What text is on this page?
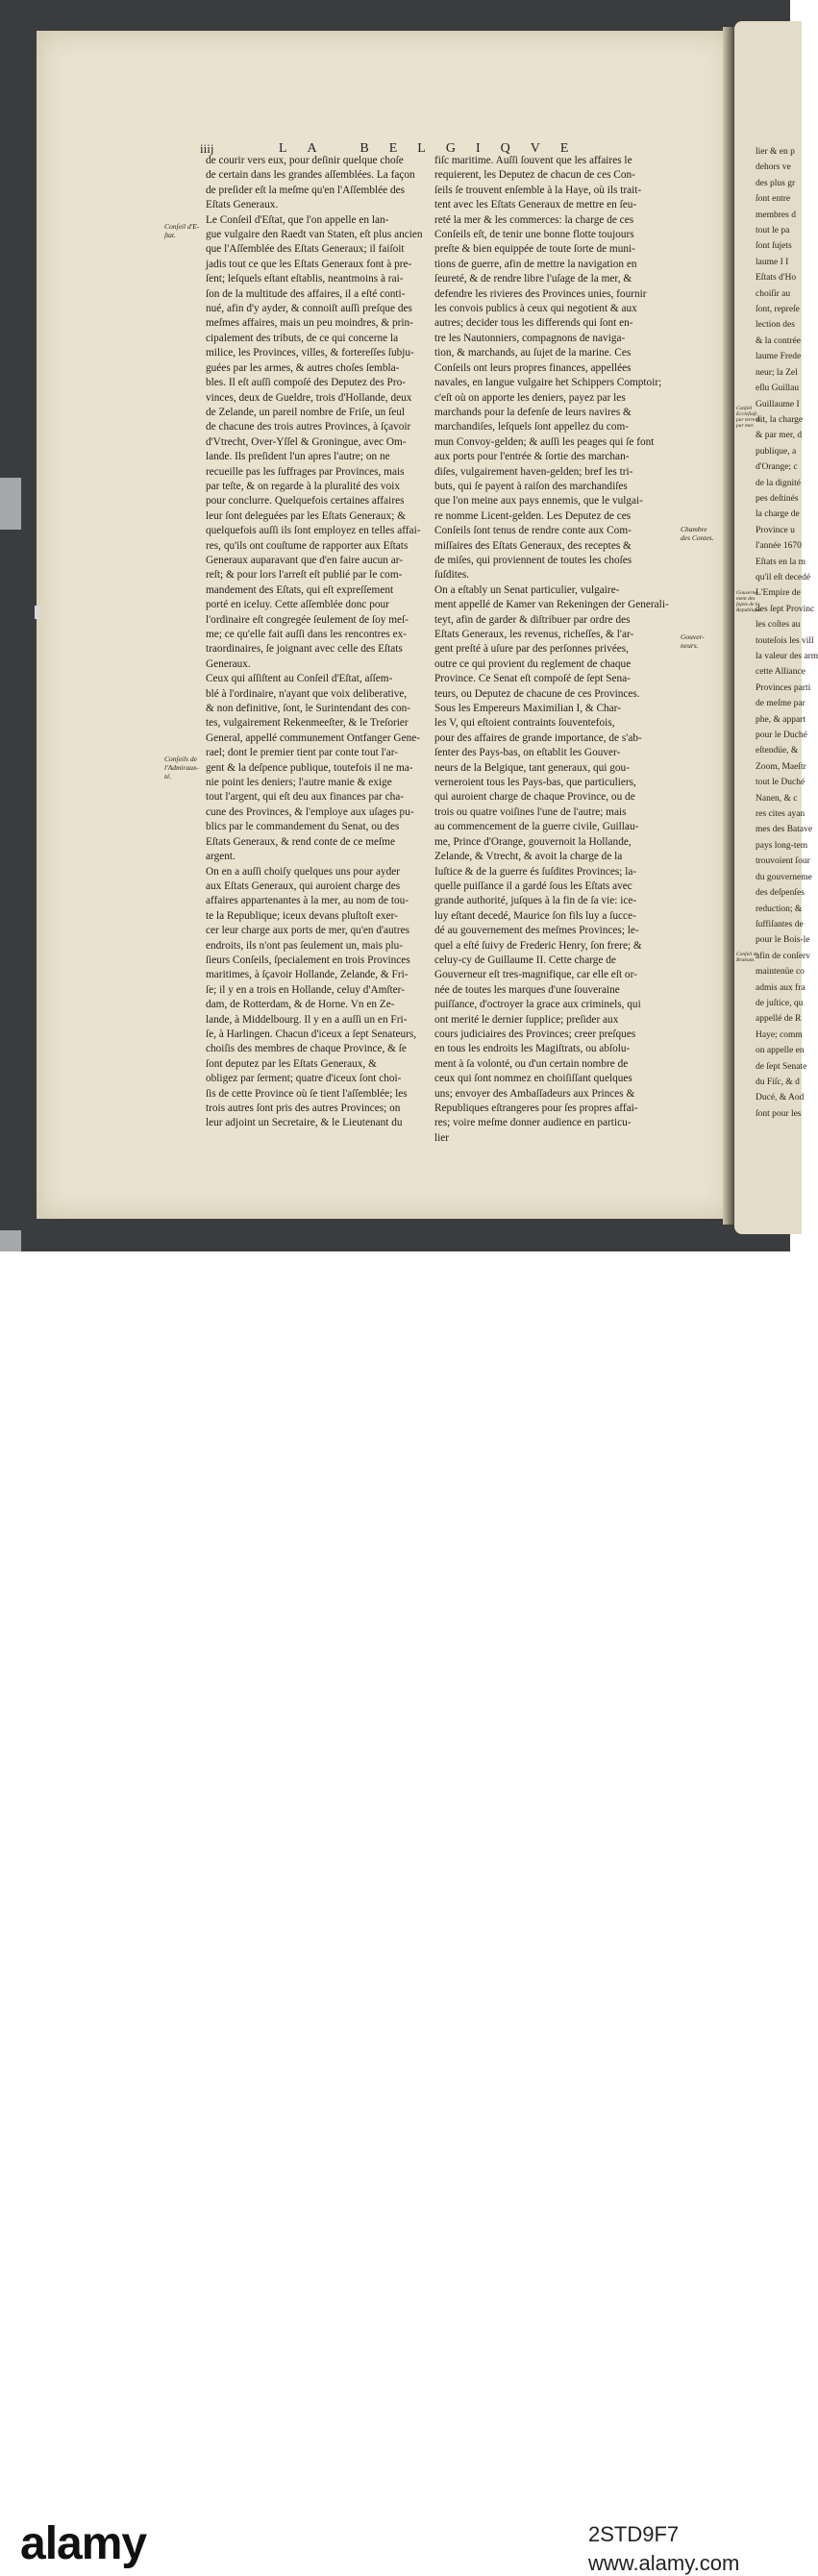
lier & en p

dehors ve

des plus gr

ſont entre

membres d

tout le pa

ſont ſujets

laume I I

Eſtats d'Ho

choiſir au

ſont, repreſe

lection des

& la contrée

laume Frede

neur; la Zel

eſlu Guillau

Guillaume I

dit, la charge

& par mer, d

publique, a

d'Orange; c

de la dignité

pes deſtinés

la charge de

Province u

l'année 1670

Eſtats en la m

qu'il eſt decedé

L'Empire de

des ſept Provinc

les coſtes au

touteſois les vill

la valeur des arm

cette Alliance

Provinces parti

de meſme par

phe, & appart

pour le Duché

eſtendüe, &

Zoom, Maeſtr

tout le Duché

Nanen, & c

res cites ayan

mes des Batave

pays long-tem

trouvoient ſour

du gouverneme

des deſpenſes

reduction; &

ſuffiſantes de

pour le Bois-le

afin de conſerv

maintenüe co

admis aux fra

de juſtice, qu

appellé de R

Haye; comm

on appelle en

de ſept Senate

du Fiſc, & d

Ducé, & Aod

ſont pour les

Conſeil

Eccleſiaſt.

par terre &

par mer.

Gouverne-

ment des

ſujets de la

Republique.

Conſeil de

Brabant.

iiij	LA BELGIQVE

de courir vers eux, pour deſinir quelque choſe

de certain dans les grandes aſſemblées. La façon

de preſider eſt la meſme qu'en l'Aſſemblée des

Eſtats Generaux.

Le Conſeil d'Eſtat, que l'on appelle en lan-

gue vulgaire den Raedt van Staten, eſt plus ancien

que l'Aſſemblée des Eſtats Generaux; il faiſoit

jadis tout ce que les Eſtats Generaux font à pre-

ſent; leſquels eſtant eſtablis, neantmoins à rai-

ſon de la multitude des affaires, il a eſté conti-

nué, afin d'y ayder, & connoiſt auſſi preſque des

meſmes affaires, mais un peu moindres, & prin-

cipalement des tributs, de ce qui concerne la

milice, les Provinces, villes, & fortereſſes ſubju-

guées par les armes, & autres choſes ſembla-

bles. Il eſt auſſi compoſé des Deputez des Pro-

vinces, deux de Gueldre, trois d'Hollande, deux

de Zelande, un pareil nombre de Friſe, un ſeul

de chacune des trois autres Provinces, à ſçavoir

d'Vtrecht, Over-Yſſel & Groningue, avec Om-

lande. Ils preſident l'un apres l'autre; on ne

recueille pas les ſuffrages par Provinces, mais

par teſte, & on regarde à la pluralité des voix

pour conclurre. Quelquefois certaines affaires

leur ſont deleguées par les Eſtats Generaux; &

quelquefois auſſi ils ſont employez en telles affai-

res, qu'ils ont couſtume de rapporter aux Eſtats

Generaux auparavant que d'en faire aucun ar-

reſt; & pour lors l'arreſt eſt publié par le com-

mandement des Eſtats, qui eſt expreſſement

porté en iceluy. Cette aſſemblée donc pour

l'ordinaire eſt congregée ſeulement de ſoy meſ-

me; ce qu'elle fait auſſi dans les rencontres ex-

traordinaires, ſe joignant avec celle des Eſtats

Generaux.

Ceux qui aſſiſtent au Conſeil d'Eſtat, aſſem-

blé à l'ordinaire, n'ayant que voix deliberative,

& non definitive, ſont, le Surintendant des con-

tes, vulgairement Rekenmeeſter, & le Treſorier

General, appellé communement Ontfanger Gene-

rael; dont le premier tient par conte tout l'ar-

gent & la deſpence publique, toutefois il ne ma-

nie point les deniers; l'autre manie & exige

tout l'argent, qui eſt deu aux finances par cha-

cune des Provinces, & l'employe aux uſages pu-

blics par le commandement du Senat, ou des

Eſtats Generaux, & rend conte de ce meſme

argent.

On en a auſſi choiſy quelques uns pour ayder

aux Eſtats Generaux, qui auroient charge des

affaires appartenantes à la mer, au nom de tou-

te la Republique; iceux devans pluſtoſt exer-

cer leur charge aux ports de mer, qu'en d'autres

endroits, ils n'ont pas ſeulement un, mais plu-

ſieurs Conſeils, ſpecialement en trois Provinces

maritimes, à ſçavoir Hollande, Zelande, & Fri-

ſe; il y en a trois en Hollande, celuy d'Amſter-

dam, de Rotterdam, & de Horne. Vn en Ze-

lande, à Middelbourg. Il y en a auſſi un en Fri-

ſe, à Harlingen. Chacun d'iceux a ſept Senateurs,

choiſis des membres de chaque Province, & ſe

ſont deputez par les Eſtats Generaux, &

obligez par ſerment; quatre d'iceux ſont choi-

ſis de cette Province où ſe tient l'aſſemblée; les

trois autres ſont pris des autres Provinces; on

leur adjoint un Secretaire, & le Lieutenant du

fiſc maritime. Auſſi ſouvent que les affaires le

requierent, les Deputez de chacun de ces Con-

ſeils ſe trouvent enſemble à la Haye, où ils trait-

tent avec les Eſtats Generaux de mettre en ſeu-

reté la mer & les commerces: la charge de ces

Conſeils eſt, de tenir une bonne flotte toujours

preſte & bien equippée de toute ſorte de muni-

tions de guerre, afin de mettre la navigation en

ſeureté, & de rendre libre l'uſage de la mer, &

defendre les rivieres des Provinces unies, fournir

les convois publics à ceux qui negotient & aux

autres; decider tous les differends qui ſont en-

tre les Nautonniers, compagnons de naviga-

tion, & marchands, au ſujet de la marine. Ces

Conſeils ont leurs propres finances, appellées

navales, en langue vulgaire het Schippers Comptoir;

c'eſt où on apporte les deniers, payez par les

marchands pour la defenſe de leurs navires &

marchandiſes, leſquels ſont appellez du com-

mun Convoy-gelden; & auſſi les peages qui ſe font

aux ports pour l'entrée & ſortie des marchan-

diſes, vulgairement haven-gelden; bref les tri-

buts, qui ſe payent à raiſon des marchandiſes

que l'on meine aux pays ennemis, que le vulgai-

re nomme Licent-gelden. Les Deputez de ces

Conſeils ſont tenus de rendre conte aux Com-

miſſaires des Eſtats Generaux, des receptes &

de miſes, qui proviennent de toutes les choſes

ſuſdites.

On a eſtably un Senat particulier, vulgaire-

ment appellé de Kamer van Rekeningen der Generali-

teyt, afin de garder & diſtribuer par ordre des

Eſtats Generaux, les revenus, richeſſes, & l'ar-

gent preſté à uſure par des perſonnes privées,

outre ce qui provient du reglement de chaque

Province. Ce Senat eſt compoſé de ſept Sena-

teurs, ou Deputez de chacune de ces Provinces.

Sous les Empereurs Maximilian I, & Char-

les V, qui eſtoient contraints ſouventefois,

pour des affaires de grande importance, de s'ab-

ſenter des Pays-bas, on eſtablit les Gouver-

neurs de la Belgique, tant generaux, qui gou-

verneroient tous les Pays-bas, que particuliers,

qui auroient charge de chaque Province, ou de

trois ou quatre voiſines l'une de l'autre; mais

au commencement de la guerre civile, Guillau-

me, Prince d'Orange, gouvernoit la Hollande,

Zelande, & Vtrecht, & avoit la charge de la

Iuſtice & de la guerre és ſuſdites Provinces; la-

quelle puiſſance il a gardé ſous les Eſtats avec

grande authorité, juſques à la fin de ſa vie: ice-

luy eſtant decedé, Maurice ſon fils luy a ſucce-

dé au gouvernement des meſmes Provinces; le-

quel a eſté ſuivy de Frederic Henry, ſon frere; &

celuy-cy de Guillaume II. Cette charge de

Gouverneur eſt tres-magnifique, car elle eſt or-

née de toutes les marques d'une ſouveraine

puiſſance, d'octroyer la grace aux criminels, qui

ont merité le dernier ſupplice; preſider aux

cours judiciaires des Provinces; creer preſques

en tous les endroits les Magiſtrats, ou abſolu-

ment à ſa volonté, ou d'un certain nombre de

ceux qui ſont nommez en choiſiſſant quelques

uns; envoyer des Ambaſſadeurs aux Princes &

Republiques eſtrangeres pour ſes propres affai-

res; voire meſme donner audience en particu-

lier

Conſeil d'E-

ſtat.

Conſeils de

l'Admiraux-

té.

Chambre

des Contes.

Gouver-

neurs.

alamy	2STD9F7
www.alamy.com
